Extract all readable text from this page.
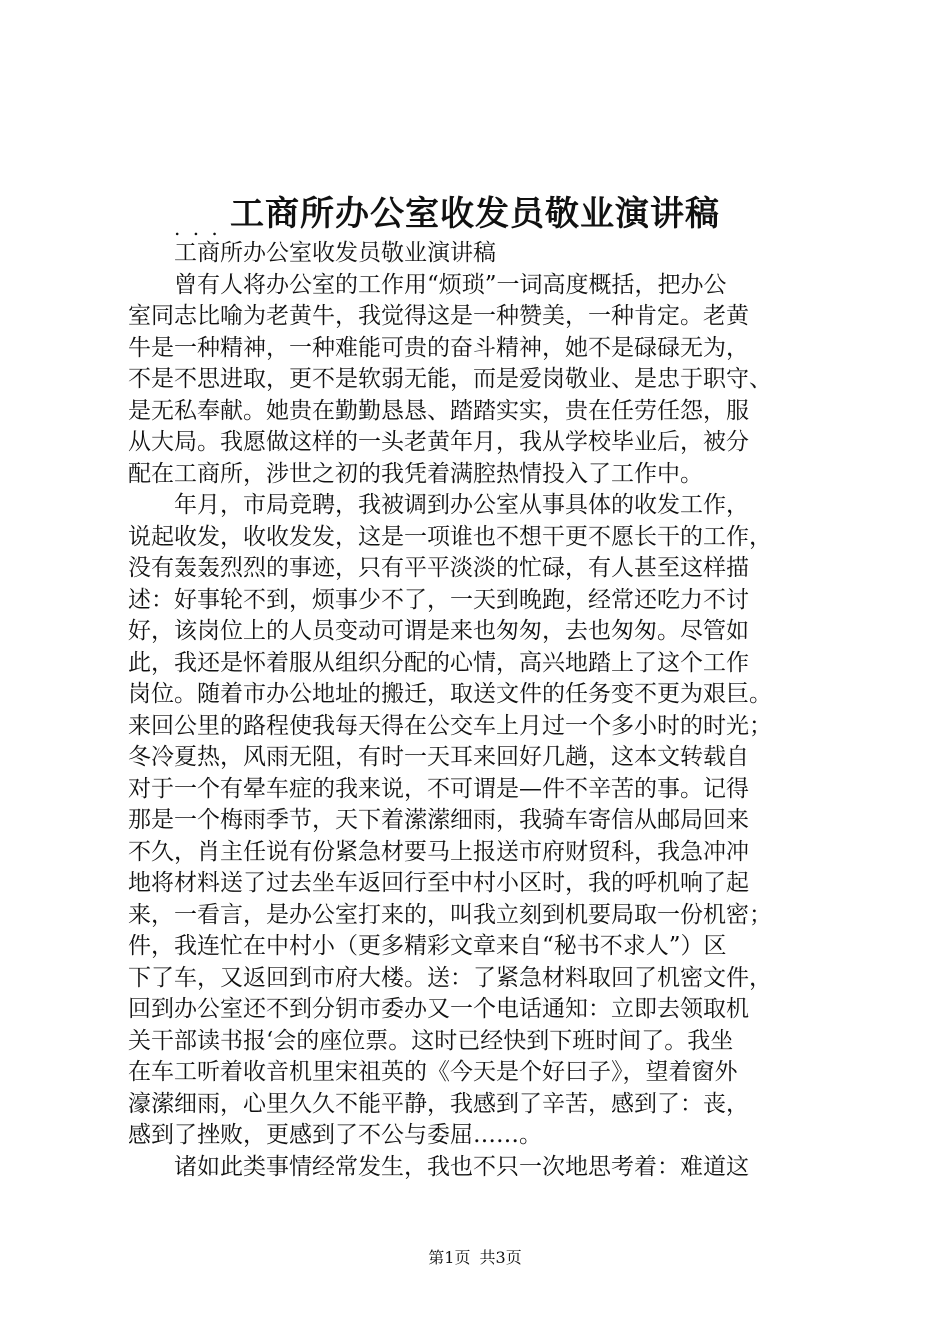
工商所办公室收发员敬业演讲稿
. . .
工商所办公室收发员敬业演讲稿
曾有人将办公室的工作用“烦琐”一词高度概括，把办公
室同志比喻为老黄牛，我觉得这是一种赞美，一种肯定。老黄
牛是一种精神，一种难能可贵的奋斗精神，她不是碌碌无为，
不是不思进取，更不是软弱无能，而是爱岗敬业、是忠于职守、
是无私奉献。她贵在勤勤恳恳、踏踏实实，贵在任劳任怨，服
从大局。我愿做这样的一头老黄年月，我从学校毕业后，被分
配在工商所，涉世之初的我凭着满腔热情投入了工作中。
年月，市局竞聘，我被调到办公室从事具体的收发工作，
说起收发，收收发发，这是一项谁也不想干更不愿长干的工作，
没有轰轰烈烈的事迹，只有平平淡淡的忙碌，有人甚至这样描
述：好事轮不到，烦事少不了，一天到晚跑，经常还吃力不讨
好，该岗位上的人员变动可谓是来也匆匆，去也匆匆。尽管如
此，我还是怀着服从组织分配的心情，高兴地踏上了这个工作
岗位。随着市办公地址的搬迁，取送文件的任务变不更为艰巨。
来回公里的路程使我每天得在公交车上月过一个多小时的时光；
冬冷夏热，风雨无阻，有时一天耳来回好几趟，这本文转载自
对于一个有晕车症的我来说，不可谓是—件不辛苦的事。记得
那是一个梅雨季节，天下着潆潆细雨，我骑车寄信从邮局回来
不久，肖主任说有份紧急材要马上报送市府财贸科，我急冲冲
地将材料送了过去坐车返回行至中村小区时，我的呼机响了起
来，一看言，是办公室打来的，叫我立刻到机要局取一份机密；
件，我连忙在中村小（更多精彩文章来自“秘书不求人”）区
下了车，又返回到市府大楼。送：了紧急材料取回了机密文件，
回到办公室还不到分钥市委办又一个电话通知：立即去领取机
关干部读书报‘会的座位票。这时已经快到下班时间了。我坐
在车工听着收音机里宋祖英的《今天是个好曰子》，望着窗外
濠潆细雨，心里久久不能平静，我感到了辛苦，感到了：丧，
感到了挫败，更感到了不公与委屈……。
诸如此类事情经常发生，我也不只一次地思考着：难道这
第1页 共3页
